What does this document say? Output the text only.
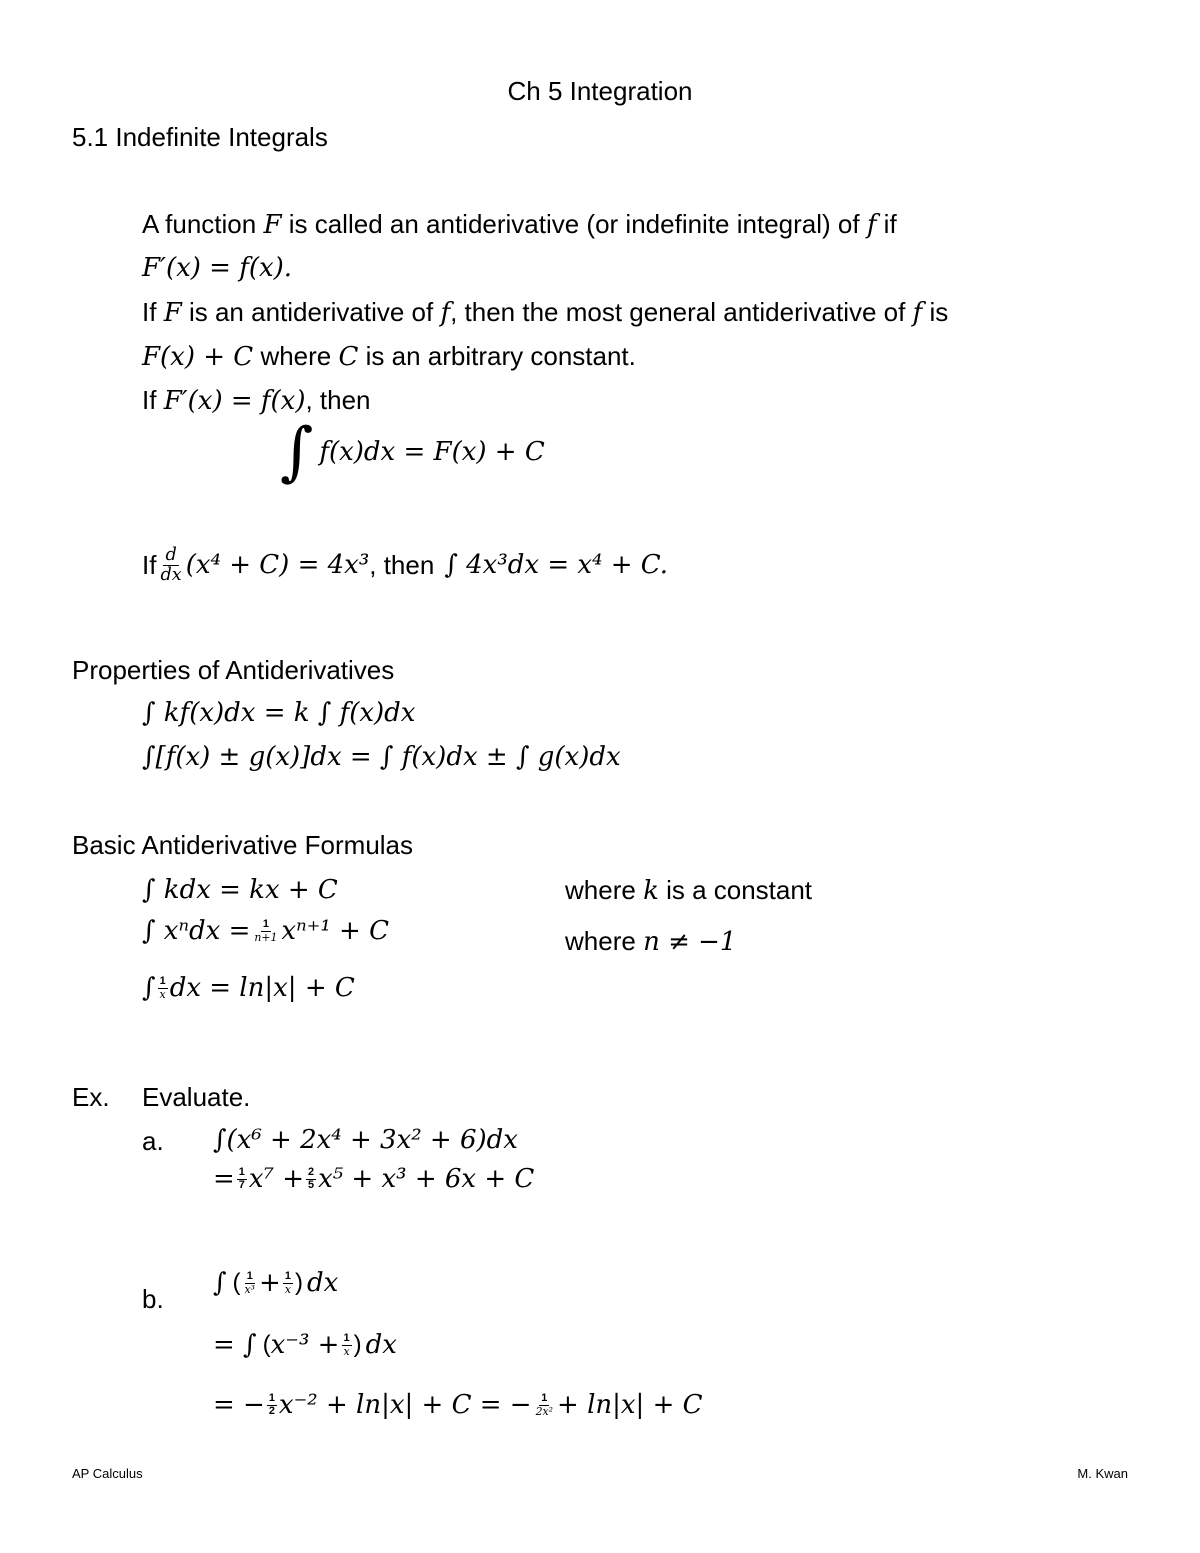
Ch 5 Integration
5.1 Indefinite Integrals
A function F is called an antiderivative (or indefinite integral) of f if
F′(x) = f(x).
If F is an antiderivative of f, then the most general antiderivative of f is
F(x) + C where C is an arbitrary constant.
If F′(x) = f(x), then
∫ f(x)dx = F(x) + C
If $\frac{d}{dx} (x^4 + C) = 4x^3$ , then ∫ 4x³dx = x⁴ + C.
Properties of Antiderivatives
∫ kf(x)dx = k ∫ f(x)dx
∫[f(x) ± g(x)]dx = ∫ f(x)dx ± ∫ g(x)dx
Basic Antiderivative Formulas
∫ kdx = kx + C	where k is a constant
∫ $x^ndx = \frac{1}{n+1} x^{n+1} + C$	where n ≠ −1
∫ $\frac{1}{x}$ dx = ln|x| + C
Ex. Evaluate.
a. ∫(x⁶ + 2x⁴ + 3x² + 6)dx
= $\frac{1}{7} x^7 + \frac{2}{5} x^5 + x^3 + 6x + C$
b.
∫ ( $\frac{1}{\text{x³}} + \frac{1}{x}$ ) dx
= ∫ ( $x^{-3} + \frac{1}{x}$ ) dx
= − $\frac{1}{2} x^{-2} + \ln|x| + C$ = − $\frac{1}{\text{2x²}} + \ln|x| + C$
AP Calculus	M. Kwan
